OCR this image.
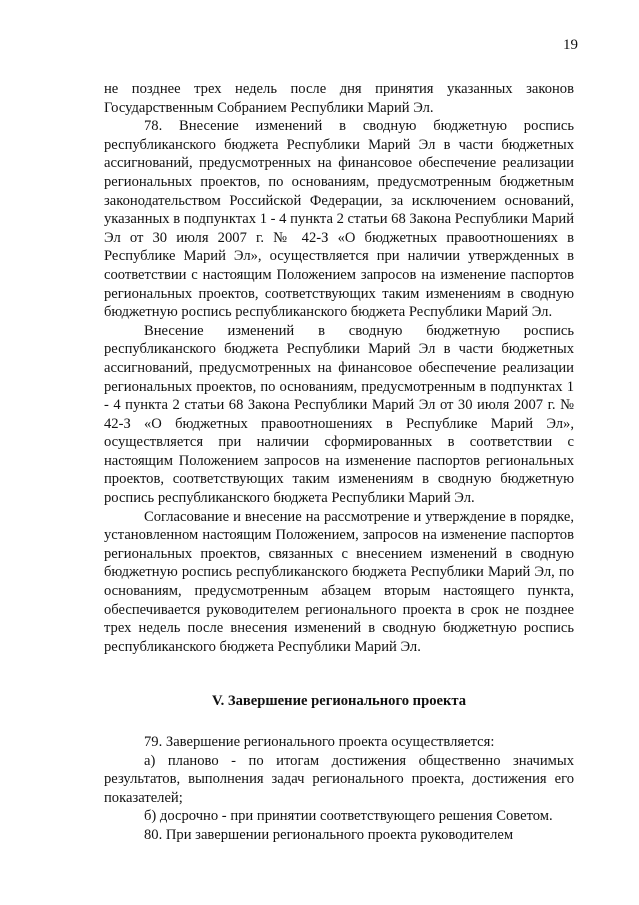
19

не позднее трех недель после дня принятия указанных законов Государственным Собранием Республики Марий Эл.

78. Внесение изменений в сводную бюджетную роспись республиканского бюджета Республики Марий Эл в части бюджетных ассигнований, предусмотренных на финансовое обеспечение реализации региональных проектов, по основаниям, предусмотренным бюджетным законодательством Российской Федерации, за исключением оснований, указанных в подпунктах 1 - 4 пункта 2 статьи 68 Закона Республики Марий Эл от 30 июля 2007 г. № 42-З «О бюджетных правоотношениях в Республике Марий Эл», осуществляется при наличии утвержденных в соответствии с настоящим Положением запросов на изменение паспортов региональных проектов, соответствующих таким изменениям в сводную бюджетную роспись республиканского бюджета Республики Марий Эл.

Внесение изменений в сводную бюджетную роспись республиканского бюджета Республики Марий Эл в части бюджетных ассигнований, предусмотренных на финансовое обеспечение реализации региональных проектов, по основаниям, предусмотренным в подпунктах 1 - 4 пункта 2 статьи 68 Закона Республики Марий Эл от 30 июля 2007 г. № 42-З «О бюджетных правоотношениях в Республике Марий Эл», осуществляется при наличии сформированных в соответствии с настоящим Положением запросов на изменение паспортов региональных проектов, соответствующих таким изменениям в сводную бюджетную роспись республиканского бюджета Республики Марий Эл.

Согласование и внесение на рассмотрение и утверждение в порядке, установленном настоящим Положением, запросов на изменение паспортов региональных проектов, связанных с внесением изменений в сводную бюджетную роспись республиканского бюджета Республики Марий Эл, по основаниям, предусмотренным абзацем вторым настоящего пункта, обеспечивается руководителем регионального проекта в срок не позднее трех недель после внесения изменений в сводную бюджетную роспись республиканского бюджета Республики Марий Эл.

V. Завершение регионального проекта

79. Завершение регионального проекта осуществляется:

а) планово - по итогам достижения общественно значимых результатов, выполнения задач регионального проекта, достижения его показателей;

б) досрочно - при принятии соответствующего решения Советом.

80. При завершении регионального проекта руководителем
